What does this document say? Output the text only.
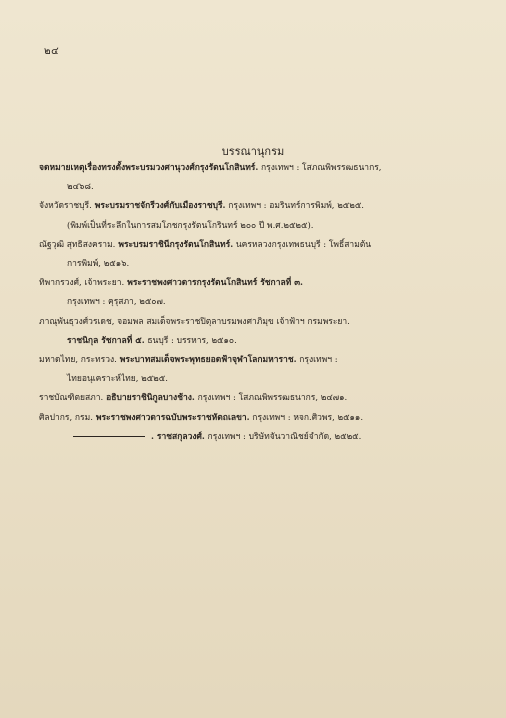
๒๔
บรรณานุกรม
จดหมายเหตุเรื่องทรงตั้งพระบรมวงศานุวงศ์กรุงรัตนโกสินทร์. กรุงเทพฯ : โสภณพิพรรฒธนากร,
๒๔๖๘.
จังหวัดราชบุรี. พระบรมราชจักรีวงศ์กับเมืองราชบุรี. กรุงเทพฯ : อมรินทร์การพิมพ์, ๒๕๒๕.
(พิมพ์เป็นที่ระลึกในการสมโภชกรุงรัตนโกรินทร์ ๒๐๐ ปี พ.ศ.๒๕๒๕).
ณัฐวุฒิ สุทธิสงคราม. พระบรมราชินีกรุงรัตนโกสินทร์. นครหลวงกรุงเทพธนบุรี : โพธิ์สามต้น
การพิมพ์, ๒๕๑๖.
ทิพากรวงศ์, เจ้าพระยา. พระราชพงศาวดารกรุงรัตนโกสินทร์ รัชกาลที่ ๓.
กรุงเทพฯ : คุรุสภา, ๒๕๐๗.
ภาณุพันธุวงศ์วรเดช, จอมพล สมเด็จพระราชปิตุลาบรมพงศาภิมุข เจ้าฟ้าฯ กรมพระยา.
ราชนิกุล รัชกาลที่ ๕. ธนบุรี : บรรหาร, ๒๕๑๐.
มหาดไทย, กระทรวง. พระบาทสมเด็จพระพุทธยอดฟ้าจุฬาโลกมหาราช. กรุงเทพฯ :
ไทยอนุเคราะห์ไทย, ๒๕๒๕.
ราชบัณฑิตยสภา. อธิบายราชินิกูลบางช้าง. กรุงเทพฯ : โสภณพิพรรฒธนากร, ๒๔๗๑.
ศิลปากร, กรม. พระราชพงศาวดารฉบับพระราชหัตถเลขา. กรุงเทพฯ : หจก.ศิวพร, ๒๕๑๑.
. ราชสกุลวงศ์. กรุงเทพฯ : บริษัทจันวาณิชย์จำกัด, ๒๕๒๕.
